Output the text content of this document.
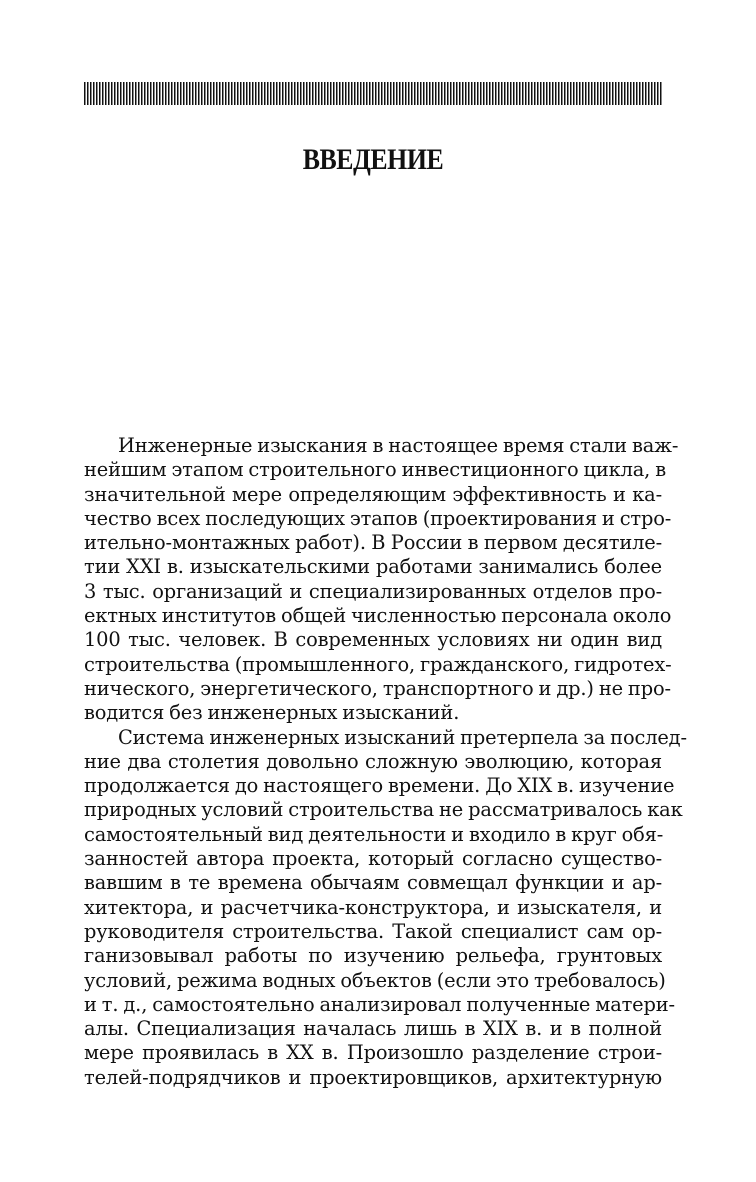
ВВЕДЕНИЕ

Инженерные изыскания в настоящее время стали важ-
нейшим этапом строительного инвестиционного цикла, в
значительной мере определяющим эффективность и ка-
чество всех последующих этапов (проектирования и стро-
ительно-монтажных работ). В России в первом десятиле-
тии XXI в. изыскательскими работами занимались более
3 тыс. организаций и специализированных отделов про-
ектных институтов общей численностью персонала около
100 тыс. человек. В современных условиях ни один вид
строительства (промышленного, гражданского, гидротех-
нического, энергетического, транспортного и др.) не про-
водится без инженерных изысканий.

Система инженерных изысканий претерпела за послед-
ние два столетия довольно сложную эволюцию, которая
продолжается до настоящего времени. До XIX в. изучение
природных условий строительства не рассматривалось как
самостоятельный вид деятельности и входило в круг обя-
занностей автора проекта, который согласно существо-
вавшим в те времена обычаям совмещал функции и ар-
хитектора, и расчетчика-конструктора, и изыскателя, и
руководителя строительства. Такой специалист сам ор-
ганизовывал работы по изучению рельефа, грунтовых
условий, режима водных объектов (если это требовалось)
и т. д., самостоятельно анализировал полученные матери-
алы. Специализация началась лишь в XIX в. и в полной
мере проявилась в XX в. Произошло разделение строи-
телей-подрядчиков и проектировщиков, архитектурную
